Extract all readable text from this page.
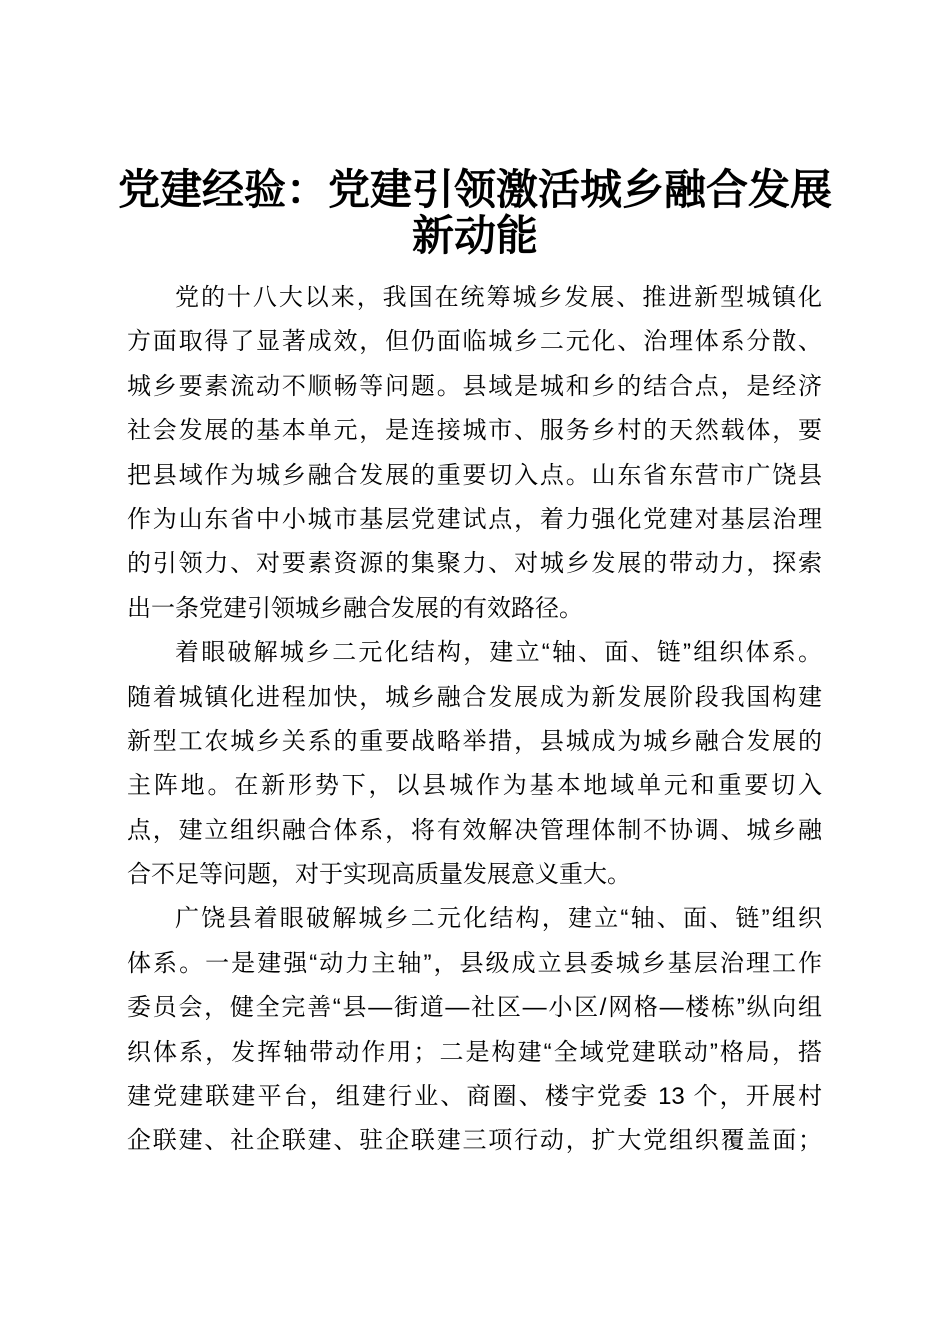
党建经验：党建引领激活城乡融合发展
新动能

党的十八大以来，我国在统筹城乡发展、推进新型城镇化
方面取得了显著成效，但仍面临城乡二元化、治理体系分散、
城乡要素流动不顺畅等问题。县域是城和乡的结合点，是经济
社会发展的基本单元，是连接城市、服务乡村的天然载体，要
把县域作为城乡融合发展的重要切入点。山东省东营市广饶县
作为山东省中小城市基层党建试点，着力强化党建对基层治理
的引领力、对要素资源的集聚力、对城乡发展的带动力，探索
出一条党建引领城乡融合发展的有效路径。

着眼破解城乡二元化结构，建立“轴、面、链”组织体系。
随着城镇化进程加快，城乡融合发展成为新发展阶段我国构建
新型工农城乡关系的重要战略举措，县城成为城乡融合发展的
主阵地。在新形势下，以县城作为基本地域单元和重要切入
点，建立组织融合体系，将有效解决管理体制不协调、城乡融
合不足等问题，对于实现高质量发展意义重大。

广饶县着眼破解城乡二元化结构，建立“轴、面、链”组织
体系。一是建强“动力主轴”，县级成立县委城乡基层治理工作
委员会，健全完善“县—街道—社区—小区/网格—楼栋”纵向组
织体系，发挥轴带动作用；二是构建“全域党建联动”格局，搭
建党建联建平台，组建行业、商圈、楼宇党委 13 个，开展村
企联建、社企联建、驻企联建三项行动，扩大党组织覆盖面；
